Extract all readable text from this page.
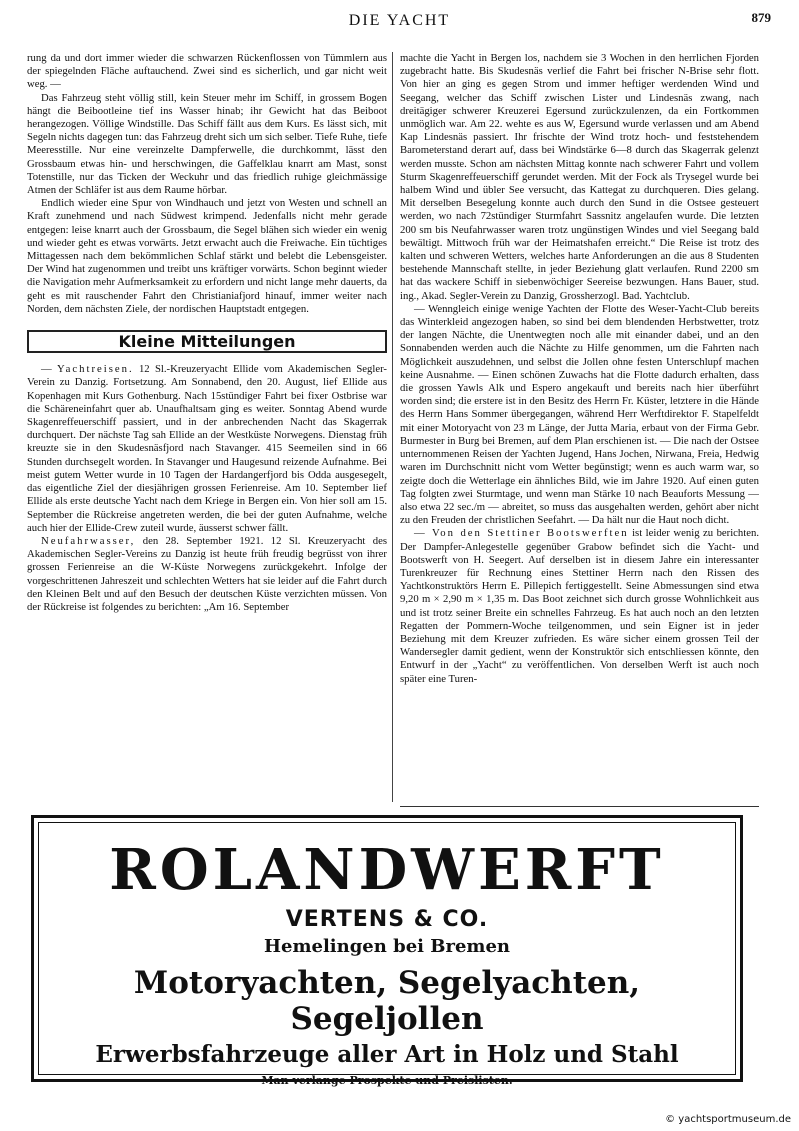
DIE YACHT	879

rung da und dort immer wieder die schwarzen Rückenflossen von Tümmlern aus der spiegelnden Fläche auftauchend. Zwei sind es sicherlich, und gar nicht weit weg. —

Das Fahrzeug steht völlig still, kein Steuer mehr im Schiff, in grossem Bogen hängt die Beibootleine tief ins Wasser hinab; ihr Gewicht hat das Beiboot herangezogen. Völlige Windstille. Das Schiff fällt aus dem Kurs. Es lässt sich, mit Segeln nichts dagegen tun: das Fahrzeug dreht sich um sich selber. Tiefe Ruhe, tiefe Meeresstille. Nur eine vereinzelte Dampferwelle, die durchkommt, lässt den Grossbaum etwas hin- und herschwingen, die Gaffelklau knarrt am Mast, sonst Totenstille, nur das Ticken der Weckuhr und das friedlich ruhige gleichmässige Atmen der Schläfer ist aus dem Raume hörbar.

Endlich wieder eine Spur von Windhauch und jetzt von Westen und schnell an Kraft zunehmend und nach Südwest krimpend. Jedenfalls nicht mehr gerade entgegen: leise knarrt auch der Grossbaum, die Segel blähen sich wieder ein wenig und wieder geht es etwas vorwärts. Jetzt erwacht auch die Freiwache. Ein tüchtiges Mittagessen nach dem bekömmlichen Schlaf stärkt und belebt die Lebensgeister. Der Wind hat zugenommen und treibt uns kräftiger vorwärts. Schon beginnt wieder die Navigation mehr Aufmerksamkeit zu erfordern und nicht lange mehr dauerts, da geht es mit rauschender Fahrt den Christianiafjord hinauf, immer weiter nach Norden, dem nächsten Ziele, der nordischen Hauptstadt entgegen.

Kleine Mitteilungen

— Yachtreisen. 12 Sl.-Kreuzeryacht Ellide vom Akademischen Segler-Verein zu Danzig. Fortsetzung. Am Sonnabend, den 20. August, lief Ellide aus Kopenhagen mit Kurs Gothenburg. Nach 15stündiger Fahrt bei fixer Ostbrise war die Schäreneinfahrt quer ab. Unaufhaltsam ging es weiter. Sonntag Abend wurde Skagenreffeuerschiff passiert, und in der anbrechenden Nacht das Skagerrak durchquert. Der nächste Tag sah Ellide an der Westküste Norwegens. Dienstag früh kreuzte sie in den Skudesnäsfjord nach Stavanger. 415 Seemeilen sind in 66 Stunden durchsegelt worden. In Stavanger und Haugesund reizende Aufnahme. Bei meist gutem Wetter wurde in 10 Tagen der Hardangerfjord bis Odda ausgesegelt, das eigentliche Ziel der diesjährigen grossen Ferienreise. Am 10. September lief Ellide als erste deutsche Yacht nach dem Kriege in Bergen ein. Von hier soll am 15. September die Rückreise angetreten werden, die bei der guten Aufnahme, welche auch hier der Ellide-Crew zuteil wurde, äusserst schwer fällt.

Neufahrwasser, den 28. September 1921. 12 Sl. Kreuzeryacht des Akademischen Segler-Vereins zu Danzig ist heute früh freudig begrüsst von ihrer grossen Ferienreise an die W-Küste Norwegens zurückgekehrt. Infolge der vorgeschrittenen Jahreszeit und schlechten Wetters hat sie leider auf die Fahrt durch den Kleinen Belt und auf den Besuch der deutschen Küste verzichten müssen. Von der Rückreise ist folgendes zu berichten: „Am 16. September

machte die Yacht in Bergen los, nachdem sie 3 Wochen in den herrlichen Fjorden zugebracht hatte. Bis Skudesnäs verlief die Fahrt bei frischer N-Brise sehr flott. Von hier an ging es gegen Strom und immer heftiger werdenden Wind und Seegang, welcher das Schiff zwischen Lister und Lindesnäs zwang, nach dreitägiger schwerer Kreuzerei Egersund zurückzulenzen, da ein Fortkommen unmöglich war. Am 22. wehte es aus W, Egersund wurde verlassen und am Abend Kap Lindesnäs passiert. Ihr frischte der Wind trotz hoch- und feststehendem Barometerstand derart auf, dass bei Windstärke 6—8 durch das Skagerrak gelenzt werden musste. Schon am nächsten Mittag konnte nach schwerer Fahrt und vollem Sturm Skagenreffeuerschiff gerundet werden. Mit der Fock als Trysegel wurde bei halbem Wind und übler See versucht, das Kattegat zu durchqueren. Dies gelang. Mit derselben Besegelung konnte auch durch den Sund in die Ostsee gesteuert werden, wo nach 72stündiger Sturmfahrt Sassnitz angelaufen wurde. Die letzten 200 sm bis Neufahrwasser waren trotz ungünstigen Windes und viel Seegang bald bewältigt. Mittwoch früh war der Heimatshafen erreicht.“ Die Reise ist trotz des kalten und schweren Wetters, welches harte Anforderungen an die aus 8 Studenten bestehende Mannschaft stellte, in jeder Beziehung glatt verlaufen. Rund 2200 sm hat das wackere Schiff in siebenwöchiger Seereise bezwungen. Hans Bauer, stud. ing., Akad. Segler-Verein zu Danzig, Grossherzogl. Bad. Yachtclub.

— Wenngleich einige wenige Yachten der Flotte des Weser-Yacht-Club bereits das Winterkleid angezogen haben, so sind bei dem blendenden Herbstwetter, trotz der langen Nächte, die Unentwegten noch alle mit einander dabei, und an den Sonnabenden werden auch die Nächte zu Hilfe genommen, um die Fahrten nach Möglichkeit auszudehnen, und selbst die Jollen ohne festen Unterschlupf machen keine Ausnahme. — Einen schönen Zuwachs hat die Flotte dadurch erhalten, dass die grossen Yawls Alk und Espero angekauft und bereits nach hier überführt worden sind; die erstere ist in den Besitz des Herrn Fr. Küster, letztere in die Hände des Herrn Hans Sommer übergegangen, während Herr Werftdirektor F. Stapelfeldt mit einer Motoryacht von 23 m Länge, der Jutta Maria, erbaut von der Firma Gebr. Burmester in Burg bei Bremen, auf dem Plan erschienen ist. — Die nach der Ostsee unternommenen Reisen der Yachten Jugend, Hans Jochen, Nirwana, Freia, Hedwig waren im Durchschnitt nicht vom Wetter begünstigt; wenn es auch warm war, so zeigte doch die Wetterlage ein ähnliches Bild, wie im Jahre 1920. Auf einen guten Tag folgten zwei Sturmtage, und wenn man Stärke 10 nach Beauforts Messung — also etwa 22 sec./m — abreitet, so muss das ausgehalten werden, gehört aber nicht zu den Freuden der christlichen Seefahrt. — Da hält nur die Haut noch dicht.

— Von den Stettiner Bootswerften ist leider wenig zu berichten. Der Dampfer-Anlegestelle gegenüber Grabow befindet sich die Yacht- und Bootswerft von H. Seegert. Auf derselben ist in diesem Jahre ein interessanter Turenkreuzer für Rechnung eines Stettiner Herrn nach den Rissen des Yachtkonstruktörs Herrn E. Pillepich fertiggestellt. Seine Abmessungen sind etwa 9,20 m × 2,90 m × 1,35 m. Das Boot zeichnet sich durch grosse Wohnlichkeit aus und ist trotz seiner Breite ein schnelles Fahrzeug. Es hat auch noch an den letzten Regatten der Pommern-Woche teilgenommen, und sein Eigner ist in jeder Beziehung mit dem Kreuzer zufrieden. Es wäre sicher einem grossen Teil der Wandersegler damit gedient, wenn der Konstruktör sich entschliessen könnte, den Entwurf in der „Yacht“ zu veröffentlichen. Von derselben Werft ist auch noch später eine Turen-

ROLANDWERFT
VERTENS & CO.
Hemelingen bei Bremen
Motoryachten, Segelyachten, Segeljollen
Erwerbsfahrzeuge aller Art in Holz und Stahl
Man verlange Prospekte und Preislisten.
© yachtsportmuseum.de
